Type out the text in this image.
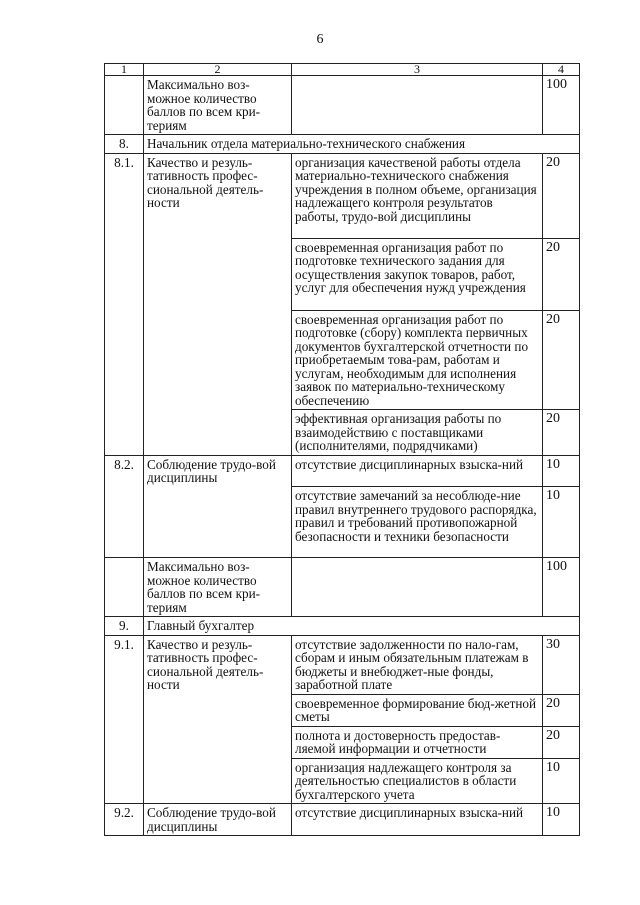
6
1	2	3	4
	Максимально воз-можное количество баллов по всем кри-териям		100
8.	Начальник отдела материально-технического снабжения		
8.1.	Качество и резуль-тативность профес-сиональной деятель-ности	организация качественой работы отдела материально-технического снабжения учреждения в полном объеме, организация надлежащего контроля результатов работы, трудо-вой дисциплины	20
		своевременная организация работ по подготовке технического задания для осуществления закупок товаров, работ, услуг для обеспечения нужд учреждения	20
		своевременная организация работ по подготовке (сбору) комплекта первичных документов бухгалтерской отчетности по приобретаемым това-рам, работам и услугам, необходимым для исполнения заявок по материально-техническому обеспечению	20
		эффективная организация работы по взаимодействию с поставщиками (исполнителями, подрядчиками)	20
8.2.	Соблюдение трудо-вой дисциплины	отсутствие дисциплинарных взыска-ний	10
		отсутствие замечаний за несоблюде-ние правил внутреннего трудового распорядка, правил и требований противопожарной безопасности и техники безопасности	10
	Максимально воз-можное количество баллов по всем кри-териям		100
9.	Главный бухгалтер		
9.1.	Качество и резуль-тативность профес-сиональной деятель-ности	отсутствие задолженности по нало-гам, сборам и иным обязательным платежам в бюджеты и внебюджет-ные фонды, заработной плате	30
		своевременное формирование бюд-жетной сметы	20
		полнота и достоверность предостав-ляемой информации и отчетности	20
		организация надлежащего контроля за деятельностью специалистов в области бухгалтерского учета	10
9.2.	Соблюдение трудо-вой дисциплины	отсутствие дисциплинарных взыска-ний	10
